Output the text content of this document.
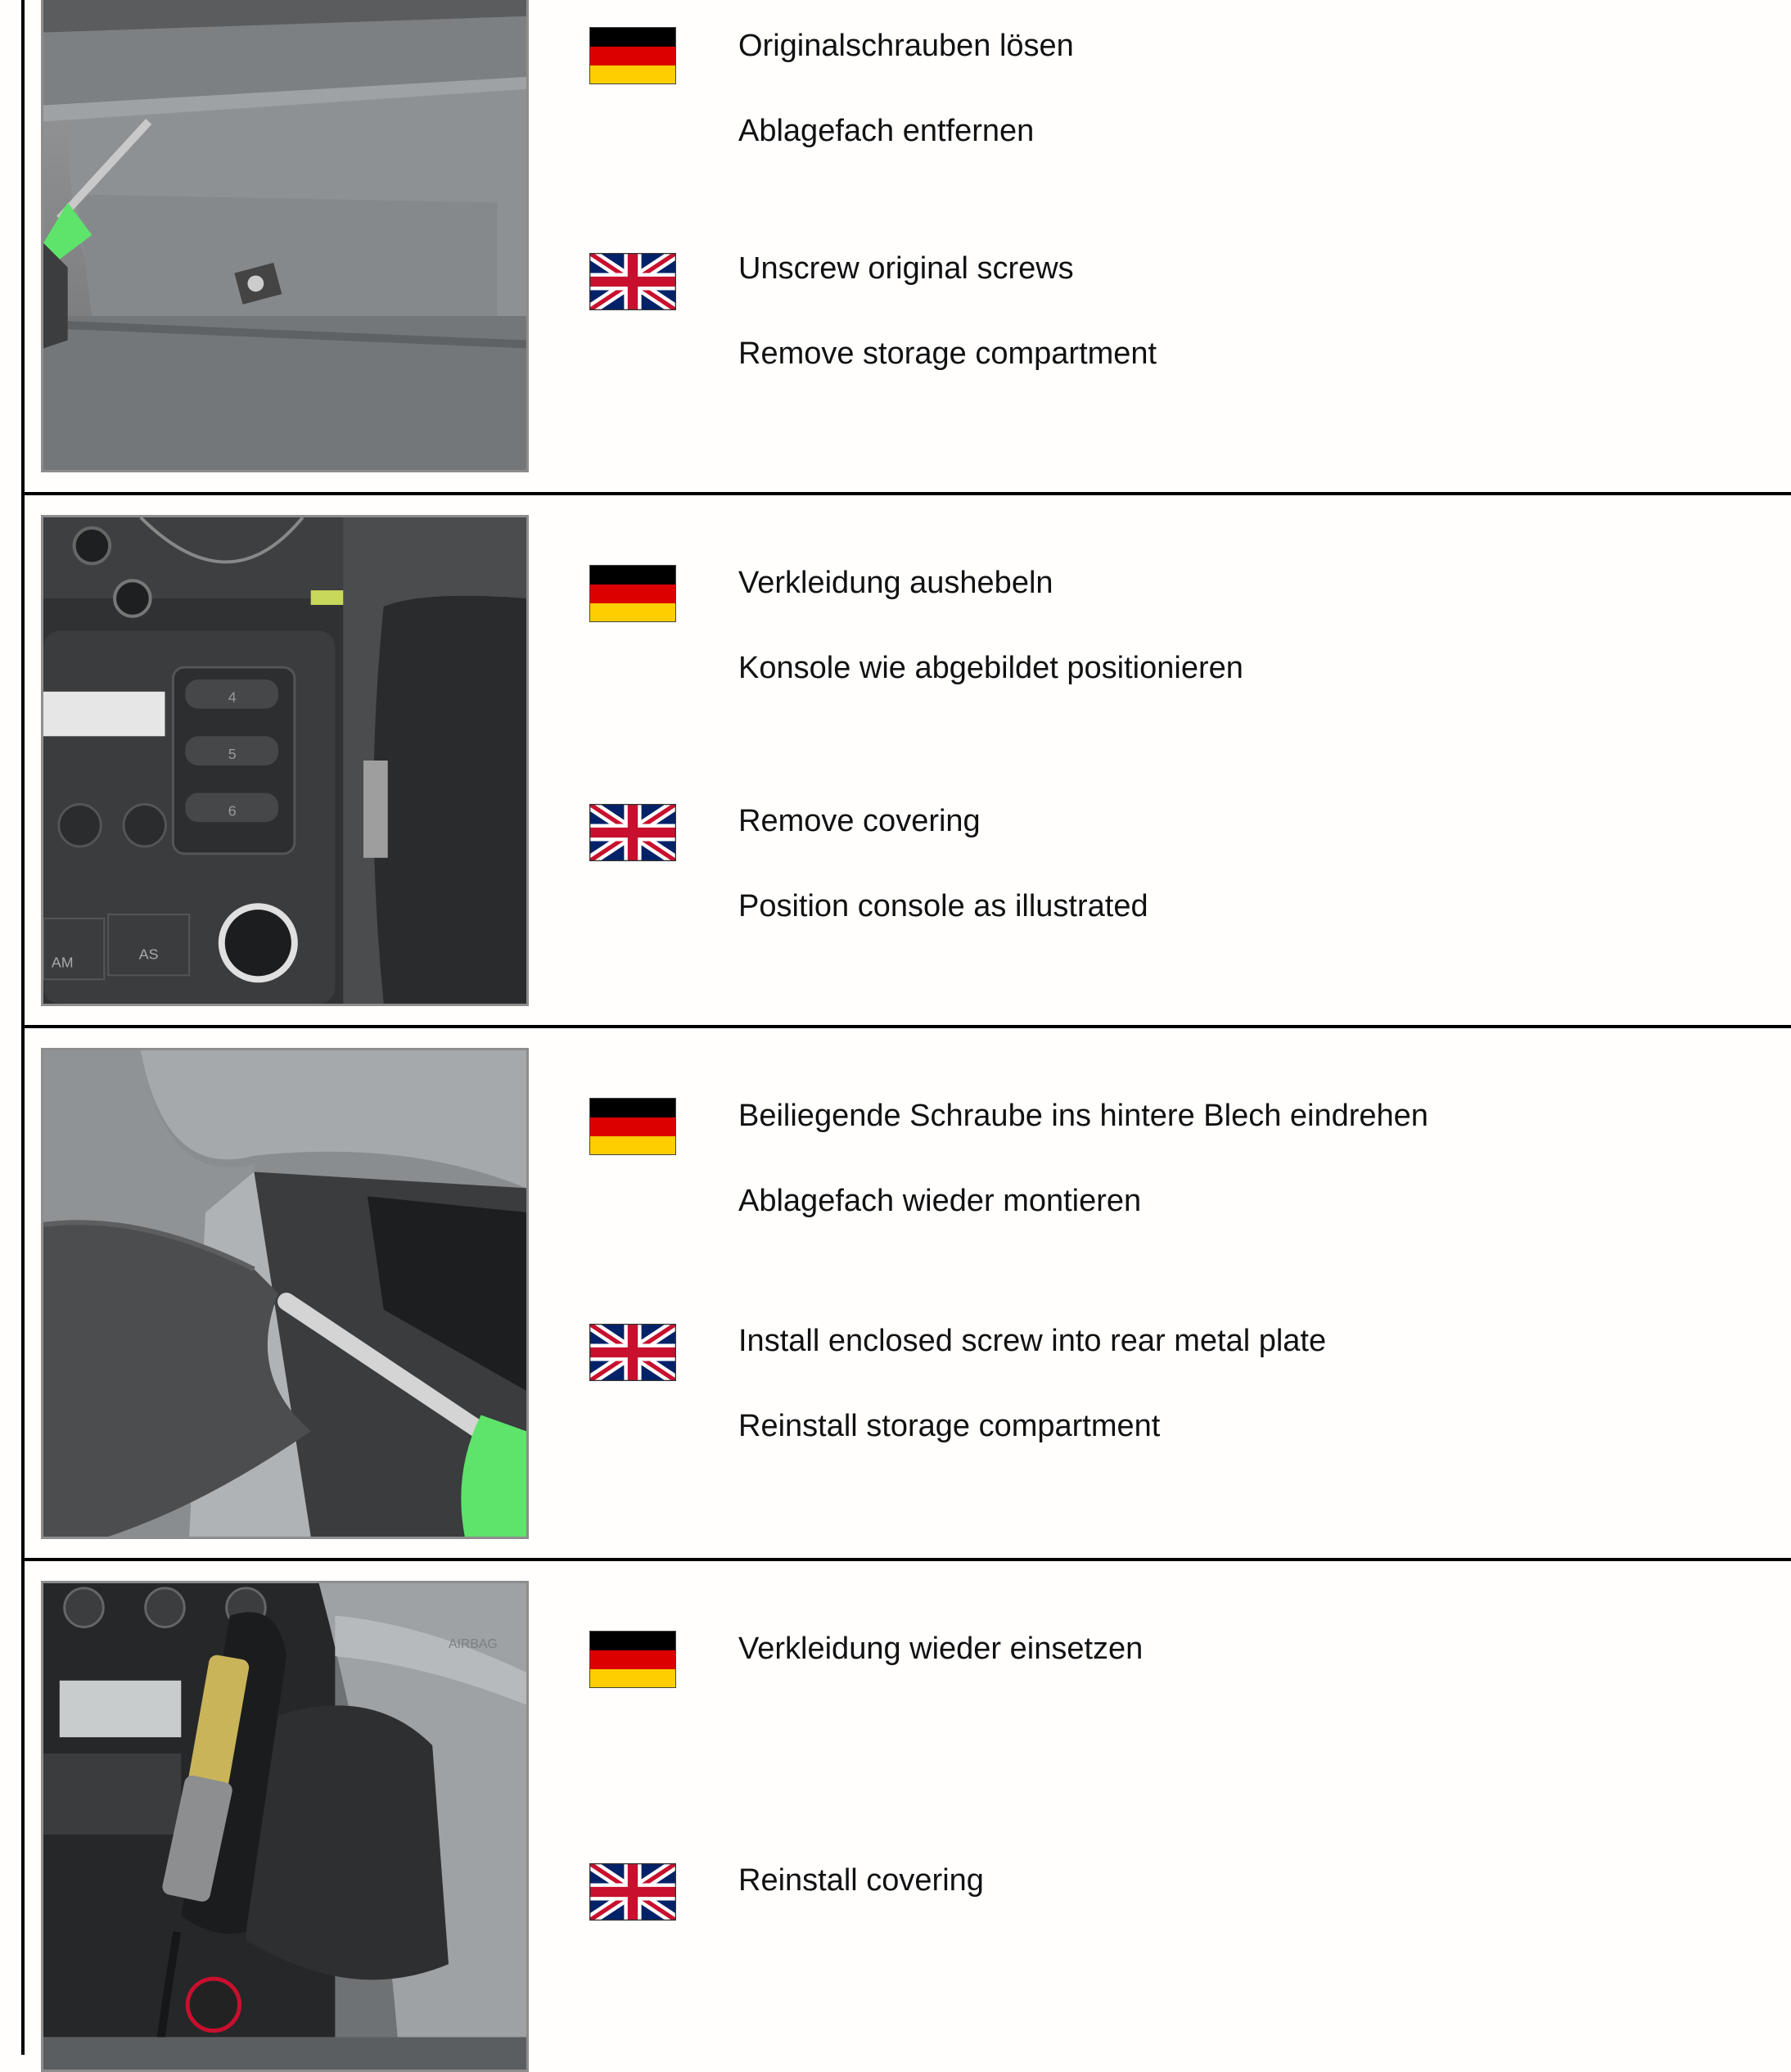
Originalschrauben lösen
Ablagefach entfernen
Unscrew original screws
Remove storage compartment
4
5
6
AM	AS
Verkleidung aushebeln
Konsole wie abgebildet positionieren
Remove covering
Position console as illustrated
Beiliegende Schraube ins hintere Blech eindrehen
Ablagefach wieder montieren
Install enclosed screw into rear metal plate
Reinstall storage compartment
AIRBAG	Verkleidung wieder einsetzen
Reinstall covering
